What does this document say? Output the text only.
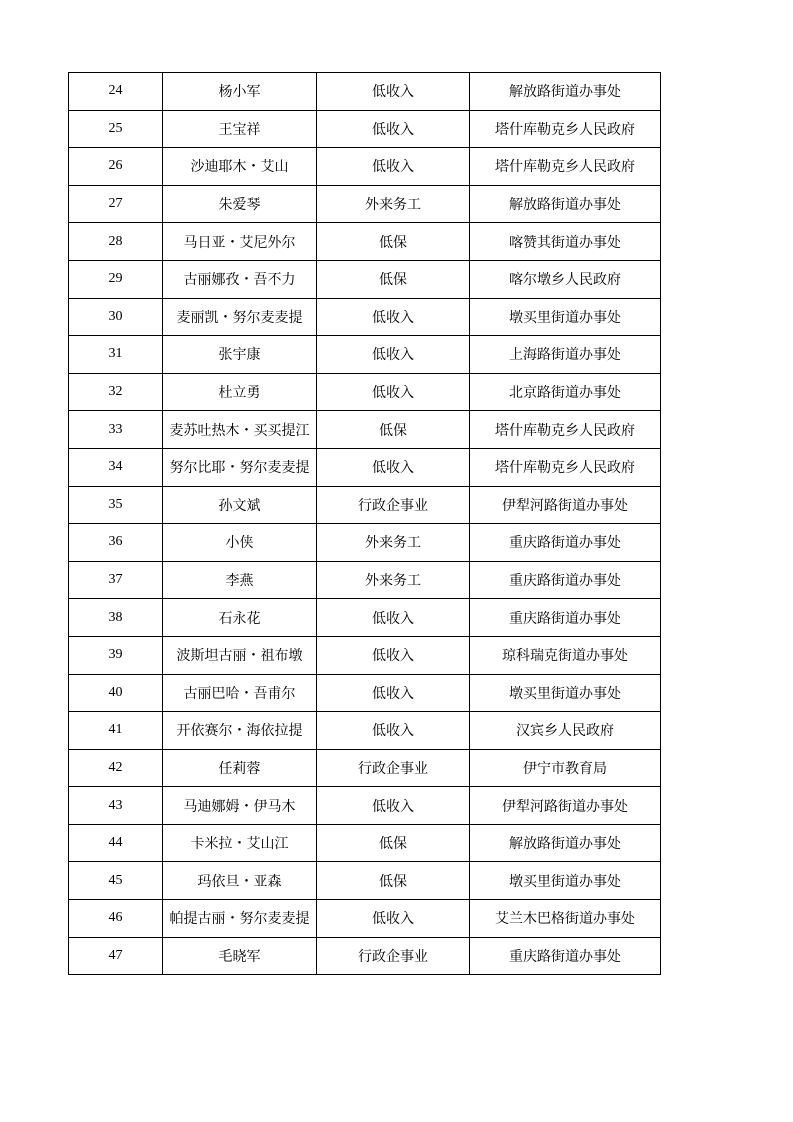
24	杨小军	低收入	解放路街道办事处
25	王宝祥	低收入	塔什库勒克乡人民政府
26	沙迪耶木・艾山	低收入	塔什库勒克乡人民政府
27	朱爱琴	外来务工	解放路街道办事处
28	马日亚・艾尼外尔	低保	喀赞其街道办事处
29	古丽娜孜・吾不力	低保	喀尔墩乡人民政府
30	麦丽凯・努尔麦麦提	低收入	墩买里街道办事处
31	张宇康	低收入	上海路街道办事处
32	杜立勇	低收入	北京路街道办事处
33	麦苏吐热木・买买提江	低保	塔什库勒克乡人民政府
34	努尔比耶・努尔麦麦提	低收入	塔什库勒克乡人民政府
35	孙文斌	行政企事业	伊犁河路街道办事处
36	小侠	外来务工	重庆路街道办事处
37	李燕	外来务工	重庆路街道办事处
38	石永花	低收入	重庆路街道办事处
39	波斯坦古丽・祖布墩	低收入	琼科瑞克街道办事处
40	古丽巴哈・吾甫尔	低收入	墩买里街道办事处
41	开依赛尔・海依拉提	低收入	汉宾乡人民政府
42	任莉蓉	行政企事业	伊宁市教育局
43	马迪娜姆・伊马木	低收入	伊犁河路街道办事处
44	卡米拉・艾山江	低保	解放路街道办事处
45	玛依旦・亚森	低保	墩买里街道办事处
46	帕提古丽・努尔麦麦提	低收入	艾兰木巴格街道办事处
47	毛晓军	行政企事业	重庆路街道办事处
